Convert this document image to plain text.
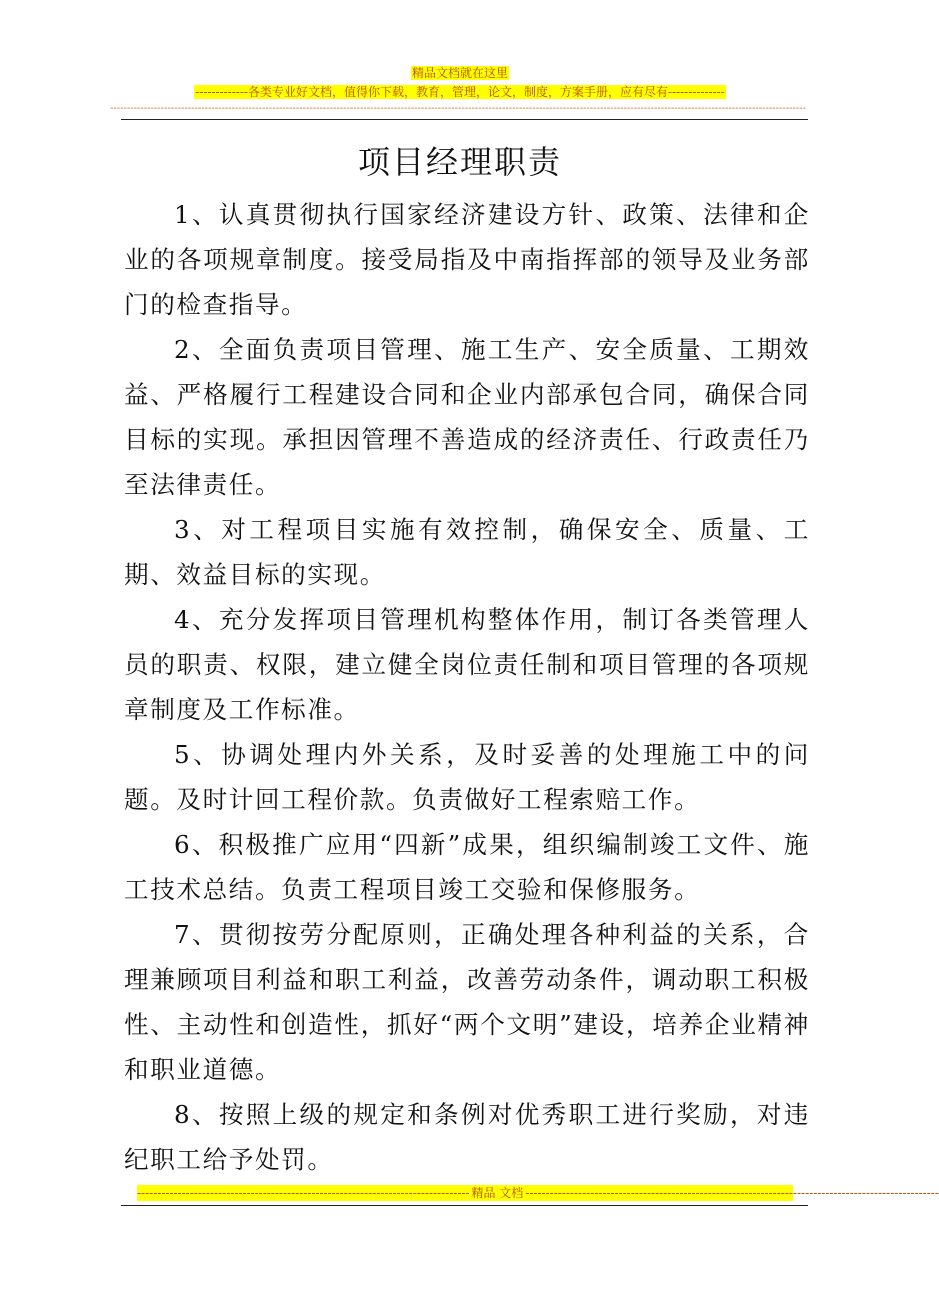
精品文档就在这里
-------------各类专业好文档，值得你下载，教育，管理，论文，制度，方案手册，应有尽有--------------
--------------------------------------------------------------------------------------------------------------------------------------------------------------------------------------------------------------
项目经理职责

1、认真贯彻执行国家经济建设方针、政策、法律和企业的各项规章制度。接受局指及中南指挥部的领导及业务部门的检查指导。

2、全面负责项目管理、施工生产、安全质量、工期效益、严格履行工程建设合同和企业内部承包合同，确保合同目标的实现。承担因管理不善造成的经济责任、行政责任乃至法律责任。

3、对工程项目实施有效控制，确保安全、质量、工期、效益目标的实现。

4、充分发挥项目管理机构整体作用，制订各类管理人员的职责、权限，建立健全岗位责任制和项目管理的各项规章制度及工作标准。

5、协调处理内外关系，及时妥善的处理施工中的问题。及时计回工程价款。负责做好工程索赔工作。

6、积极推广应用“四新”成果，组织编制竣工文件、施工技术总结。负责工程项目竣工交验和保修服务。

7、贯彻按劳分配原则，正确处理各种利益的关系，合理兼顾项目利益和职工利益，改善劳动条件，调动职工积极性、主动性和创造性，抓好“两个文明”建设，培养企业精神和职业道德。

8、按照上级的规定和条例对优秀职工进行奖励，对违纪职工给予处罚。

---------------------------------------------------------------------------------- 精品 文档 ------------------------------------------------------------------------------------------------------
